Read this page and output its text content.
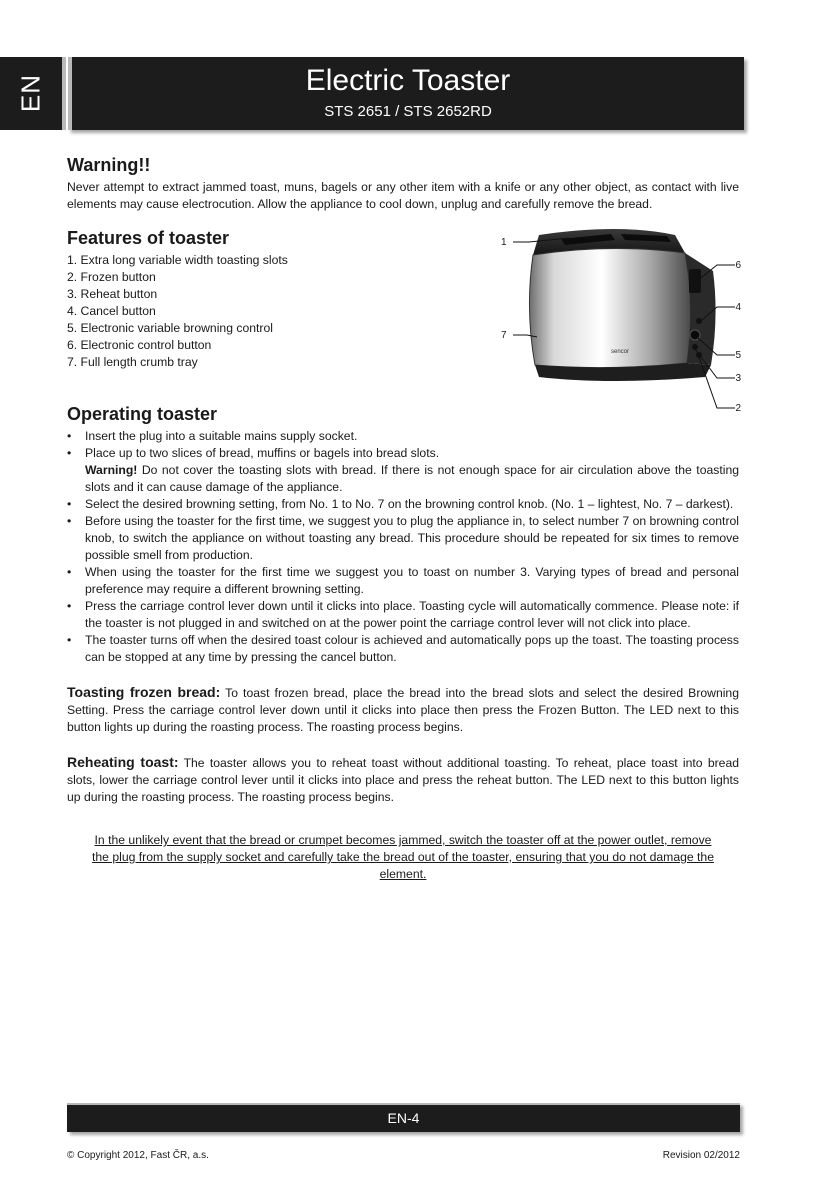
EN	Electric Toaster
STS 2651 / STS 2652RD
Warning!!

Never attempt to extract jammed toast, muns, bagels or any other item with a knife or any other object, as contact with live elements may cause electrocution. Allow the appliance to cool down, unplug and carefully remove the bread.

Features of toaster
1. Extra long variable width toasting slots
2. Frozen button
3. Reheat button
4. Cancel button
5. Electronic variable browning control
6. Electronic control button
7. Full length crumb tray
sencor
1
6
4
7
5
3
2
Operating toaster
• Insert the plug into a suitable mains supply socket.
• Place up to two slices of bread, muffins or bagels into bread slots.
Warning! Do not cover the toasting slots with bread. If there is not enough space for air circulation above the toasting slots and it can cause damage of the appliance.
• Select the desired browning setting, from No. 1 to No. 7 on the browning control knob. (No. 1 – lightest, No. 7 – darkest).
• Before using the toaster for the first time, we suggest you to plug the appliance in, to select number 7 on browning control knob, to switch the appliance on without toasting any bread. This procedure should be repeated for six times to remove possible smell from production.
• When using the toaster for the first time we suggest you to toast on number 3. Varying types of bread and personal preference may require a different browning setting.
• Press the carriage control lever down until it clicks into place. Toasting cycle will automatically commence. Please note: if the toaster is not plugged in and switched on at the power point the carriage control lever will not click into place.
• The toaster turns off when the desired toast colour is achieved and automatically pops up the toast. The toasting process can be stopped at any time by pressing the cancel button.

Toasting frozen bread: To toast frozen bread, place the bread into the bread slots and select the desired Browning Setting. Press the carriage control lever down until it clicks into place then press the Frozen Button. The LED next to this button lights up during the roasting process. The roasting process begins.

Reheating toast: The toaster allows you to reheat toast without additional toasting. To reheat, place toast into bread slots, lower the carriage control lever until it clicks into place and press the reheat button. The LED next to this button lights up during the roasting process. The roasting process begins.

In the unlikely event that the bread or crumpet becomes jammed, switch the toaster off at the power outlet, remove the plug from the supply socket and carefully take the bread out of the toaster, ensuring that you do not damage the element.

EN-4
© Copyright 2012, Fast ČR, a.s.	Revision 02/2012
